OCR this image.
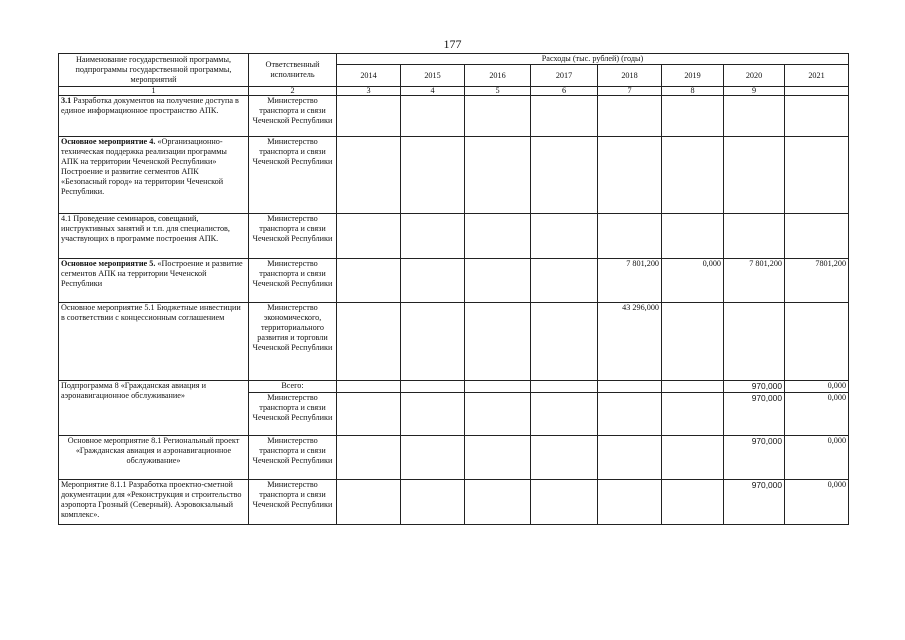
177
Наименование государственной программы, подпрограммы государственной программы, мероприятий	Ответственный исполнитель	Расходы (тыс. рублей) (годы)							
		2014	2015	2016	2017	2018	2019	2020	2021
1	2	3	4	5	6	7	8	9	
3.1 Разработка документов на получение доступа в единое информационное пространство АПК.	Министерство транспорта и связи Чеченской Республики								
Основное мероприятие 4. «Организационно-техническая поддержка реализации программы АПК на территории Чеченской Республики» Построение и развитие сегментов АПК «Безопасный город» на территории Чеченской Республики.	Министерство транспорта и связи Чеченской Республики								
4.1 Проведение семинаров, совещаний, инструктивных занятий и т.п. для специалистов, участвующих в программе построения АПК.	Министерство транспорта и связи Чеченской Республики								
Основное мероприятие 5. «Построение и развитие сегментов АПК на территории Чеченской Республики	Министерство транспорта и связи Чеченской Республики					7 801,200	0,000	7 801,200	7801,200
Основное мероприятие 5.1 Бюджетные инвестиции в соответствии с концессионным соглашением	Министерство экономического, территориального развития и торговли Чеченской Республики					43 296,000			
Подпрограмма 8 «Гражданская авиация и аэронавигационное обслуживание»	Всего:							970,000	0,000
	Министерство транспорта и связи Чеченской Республики							970,000	0,000
Основное мероприятие 8.1 Региональный проект «Гражданская авиация и аэронавигационное обслуживание»	Министерство транспорта и связи Чеченской Республики							970,000	0,000
Мероприятие 8.1.1 Разработка проектно-сметной документации для «Реконструкция и строительство аэропорта Грозный (Северный). Аэровокзальный комплекс».	Министерство транспорта и связи Чеченской Республики							970,000	0,000
